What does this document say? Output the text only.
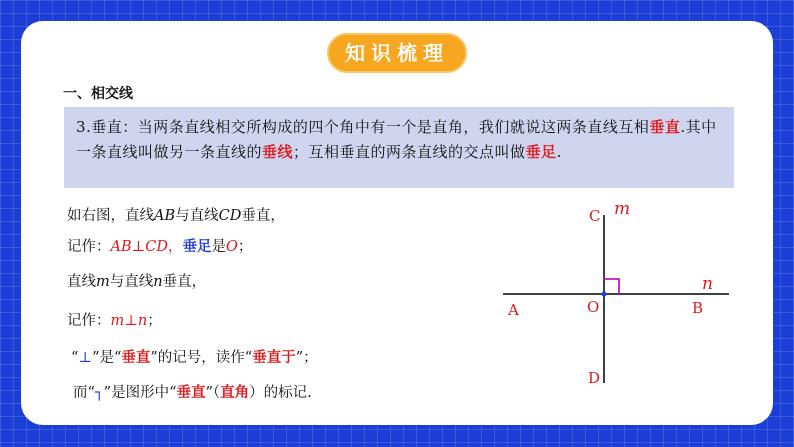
知识梳理
一、相交线
3.垂直：当两条直线相交所构成的四个角中有一个是直角，我们就说这两条直线互相垂直.其中一条直线叫做另一条直线的垂线；互相垂直的两条直线的交点叫做垂足.
如右图，直线AB与直线CD垂直，
记作：AB⊥CD，垂足是O；
直线m与直线n垂直，
记作：m⊥n；
“⊥”是“垂直”的记号，读作“垂直于”；
而“┐”是图形中“垂直”（直角）的标记.
A	B
C
D
O
m
n
